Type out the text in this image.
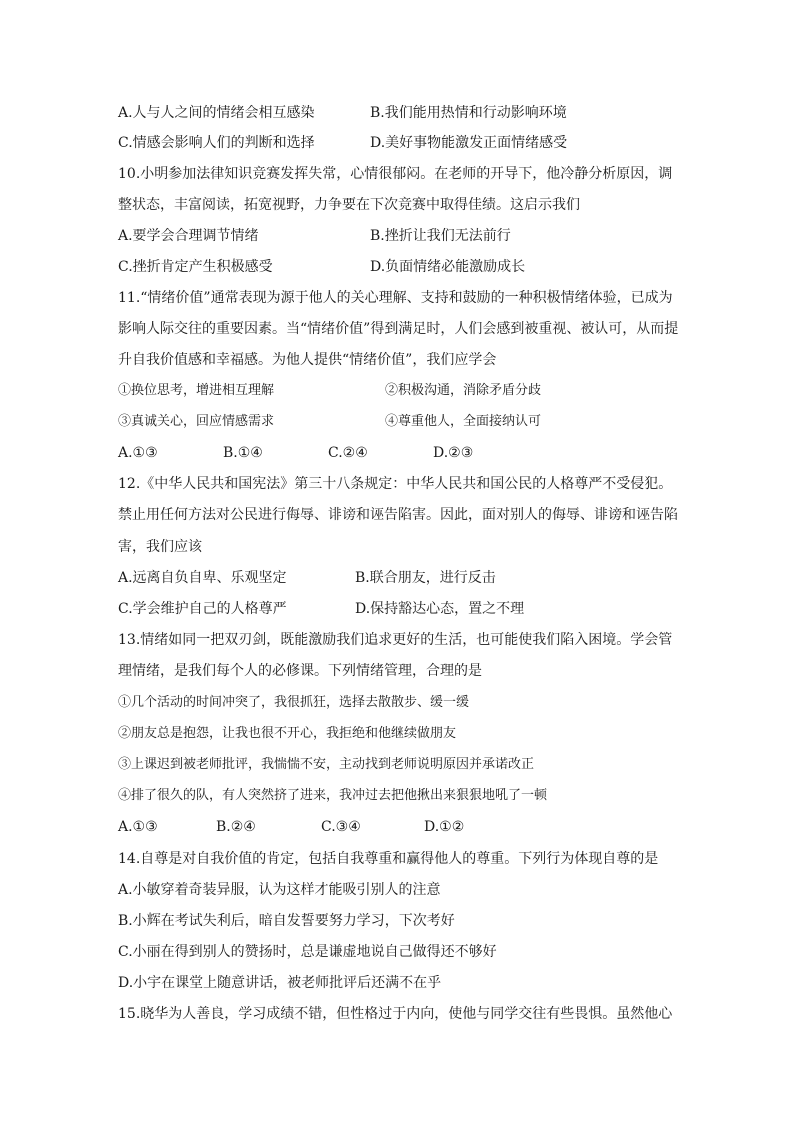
A.人与人之间的情绪会相互感染	B.我们能用热情和行动影响环境
C.情感会影响人们的判断和选择	D.美好事物能激发正面情绪感受
10.小明参加法律知识竞赛发挥失常，心情很郁闷。在老师的开导下，他冷静分析原因，调
整状态，丰富阅读，拓宽视野，力争要在下次竞赛中取得佳绩。这启示我们
A.要学会合理调节情绪	B.挫折让我们无法前行
C.挫折肯定产生积极感受	D.负面情绪必能激励成长
11.“情绪价值”通常表现为源于他人的关心理解、支持和鼓励的一种积极情绪体验，已成为
影响人际交往的重要因素。当“情绪价值”得到满足时，人们会感到被重视、被认可，从而提
升自我价值感和幸福感。为他人提供“情绪价值”，我们应学会
①换位思考，增进相互理解	②积极沟通，消除矛盾分歧
③真诚关心，回应情感需求	④尊重他人，全面接纳认可
A.①③	B.①④	C.②④	D.②③
12.《中华人民共和国宪法》第三十八条规定：中华人民共和国公民的人格尊严不受侵犯。
禁止用任何方法对公民进行侮辱、诽谤和诬告陷害。因此，面对别人的侮辱、诽谤和诬告陷
害，我们应该
A.远离自负自卑、乐观坚定	B.联合朋友，进行反击
C.学会维护自己的人格尊严	D.保持豁达心态，置之不理
13.情绪如同一把双刃剑，既能激励我们追求更好的生活，也可能使我们陷入困境。学会管
理情绪，是我们每个人的必修课。下列情绪管理，合理的是
①几个活动的时间冲突了，我很抓狂，选择去散散步、缓一缓
②朋友总是抱怨，让我也很不开心，我拒绝和他继续做朋友
③上课迟到被老师批评，我惴惴不安，主动找到老师说明原因并承诺改正
④排了很久的队，有人突然挤了进来，我冲过去把他揪出来狠狠地吼了一顿
A.①③	B.②④	C.③④	D.①②
14.自尊是对自我价值的肯定，包括自我尊重和赢得他人的尊重。下列行为体现自尊的是
A.小敏穿着奇装异服，认为这样才能吸引别人的注意
B.小辉在考试失利后，暗自发誓要努力学习，下次考好
C.小丽在得到别人的赞扬时，总是谦虚地说自己做得还不够好
D.小宇在课堂上随意讲话，被老师批评后还满不在乎
15.晓华为人善良，学习成绩不错，但性格过于内向，使他与同学交往有些畏惧。虽然他心
